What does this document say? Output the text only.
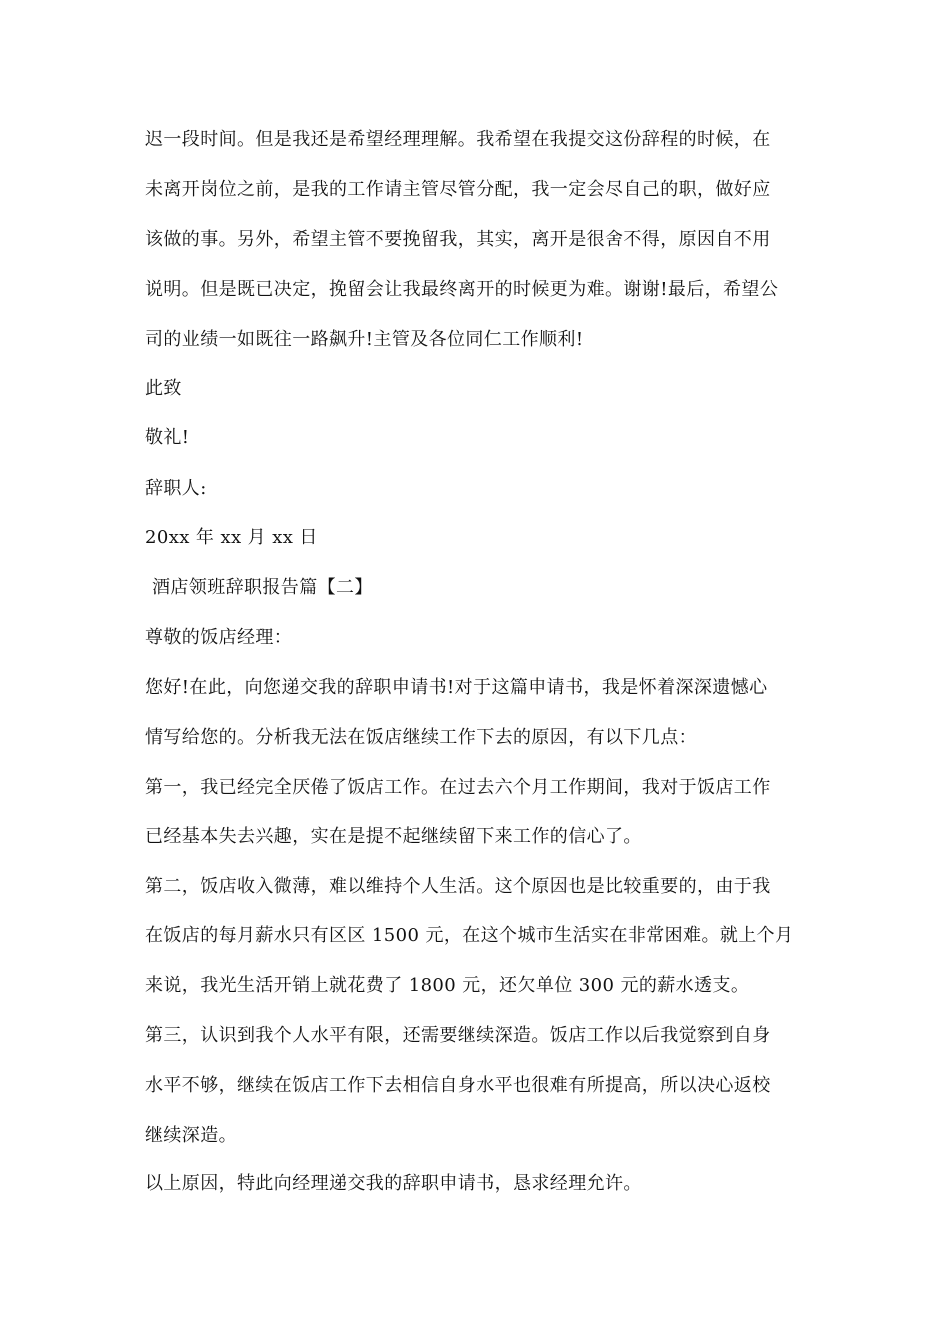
迟一段时间。但是我还是希望经理理解。我希望在我提交这份辞程的时候，在
未离开岗位之前，是我的工作请主管尽管分配，我一定会尽自己的职，做好应
该做的事。另外，希望主管不要挽留我，其实，离开是很舍不得，原因自不用
说明。但是既已决定，挽留会让我最终离开的时候更为难。谢谢!最后，希望公
司的业绩一如既往一路飙升!主管及各位同仁工作顺利!
此致
敬礼!
辞职人:
20xx 年 xx 月 xx 日
酒店领班辞职报告篇【二】
尊敬的饭店经理：
您好!在此，向您递交我的辞职申请书!对于这篇申请书，我是怀着深深遗憾心
情写给您的。分析我无法在饭店继续工作下去的原因，有以下几点：
第一，我已经完全厌倦了饭店工作。在过去六个月工作期间，我对于饭店工作
已经基本失去兴趣，实在是提不起继续留下来工作的信心了。
第二，饭店收入微薄，难以维持个人生活。这个原因也是比较重要的，由于我
在饭店的每月薪水只有区区 1500 元，在这个城市生活实在非常困难。就上个月
来说，我光生活开销上就花费了 1800 元，还欠单位 300 元的薪水透支。
第三，认识到我个人水平有限，还需要继续深造。饭店工作以后我觉察到自身
水平不够，继续在饭店工作下去相信自身水平也很难有所提高，所以决心返校
继续深造。
以上原因，特此向经理递交我的辞职申请书，恳求经理允许。
